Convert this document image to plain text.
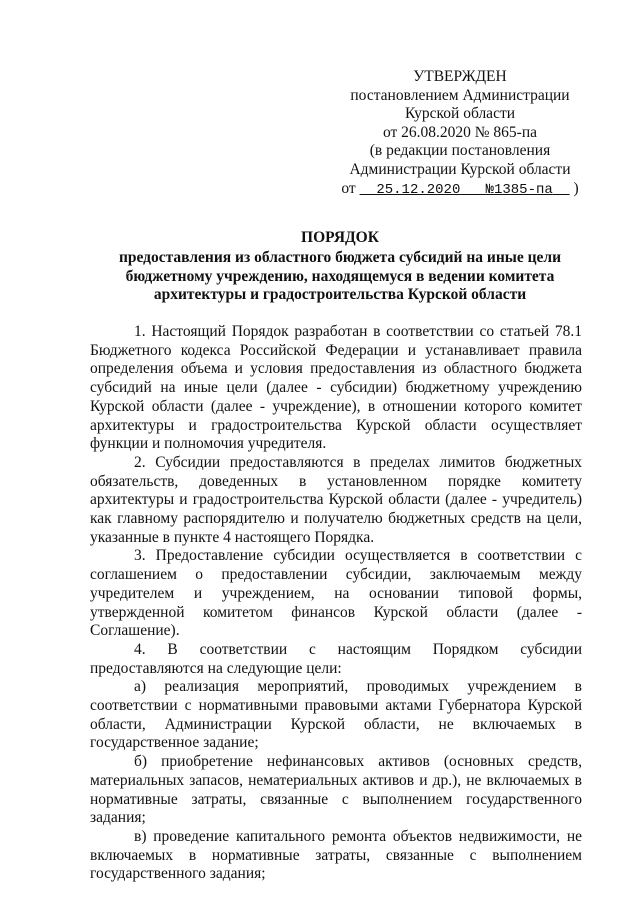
УТВЕРЖДЕН
постановлением Администрации
Курской области
от 26.08.2020 № 865-па
(в редакции постановления
Администрации Курской области
от 25.12.2020 №1385-па )
ПОРЯДОК
предоставления из областного бюджета субсидий на иные цели бюджетному учреждению, находящемуся в ведении комитета архитектуры и градостроительства Курской области

1. Настоящий Порядок разработан в соответствии со статьей 78.1 Бюджетного кодекса Российской Федерации и устанавливает правила определения объема и условия предоставления из областного бюджета субсидий на иные цели (далее - субсидии) бюджетному учреждению Курской области (далее - учреждение), в отношении которого комитет архитектуры и градостроительства Курской области осуществляет функции и полномочия учредителя.

2. Субсидии предоставляются в пределах лимитов бюджетных обязательств, доведенных в установленном порядке комитету архитектуры и градостроительства Курской области (далее - учредитель) как главному распорядителю и получателю бюджетных средств на цели, указанные в пункте 4 настоящего Порядка.

3. Предоставление субсидии осуществляется в соответствии с соглашением о предоставлении субсидии, заключаемым между учредителем и учреждением, на основании типовой формы, утвержденной комитетом финансов Курской области (далее - Соглашение).

4. В соответствии с настоящим Порядком субсидии предоставляются на следующие цели:

а) реализация мероприятий, проводимых учреждением в соответствии с нормативными правовыми актами Губернатора Курской области, Администрации Курской области, не включаемых в государственное задание;

б) приобретение нефинансовых активов (основных средств, материальных запасов, нематериальных активов и др.), не включаемых в нормативные затраты, связанные с выполнением государственного задания;

в) проведение капитального ремонта объектов недвижимости, не включаемых в нормативные затраты, связанные с выполнением государственного задания;
